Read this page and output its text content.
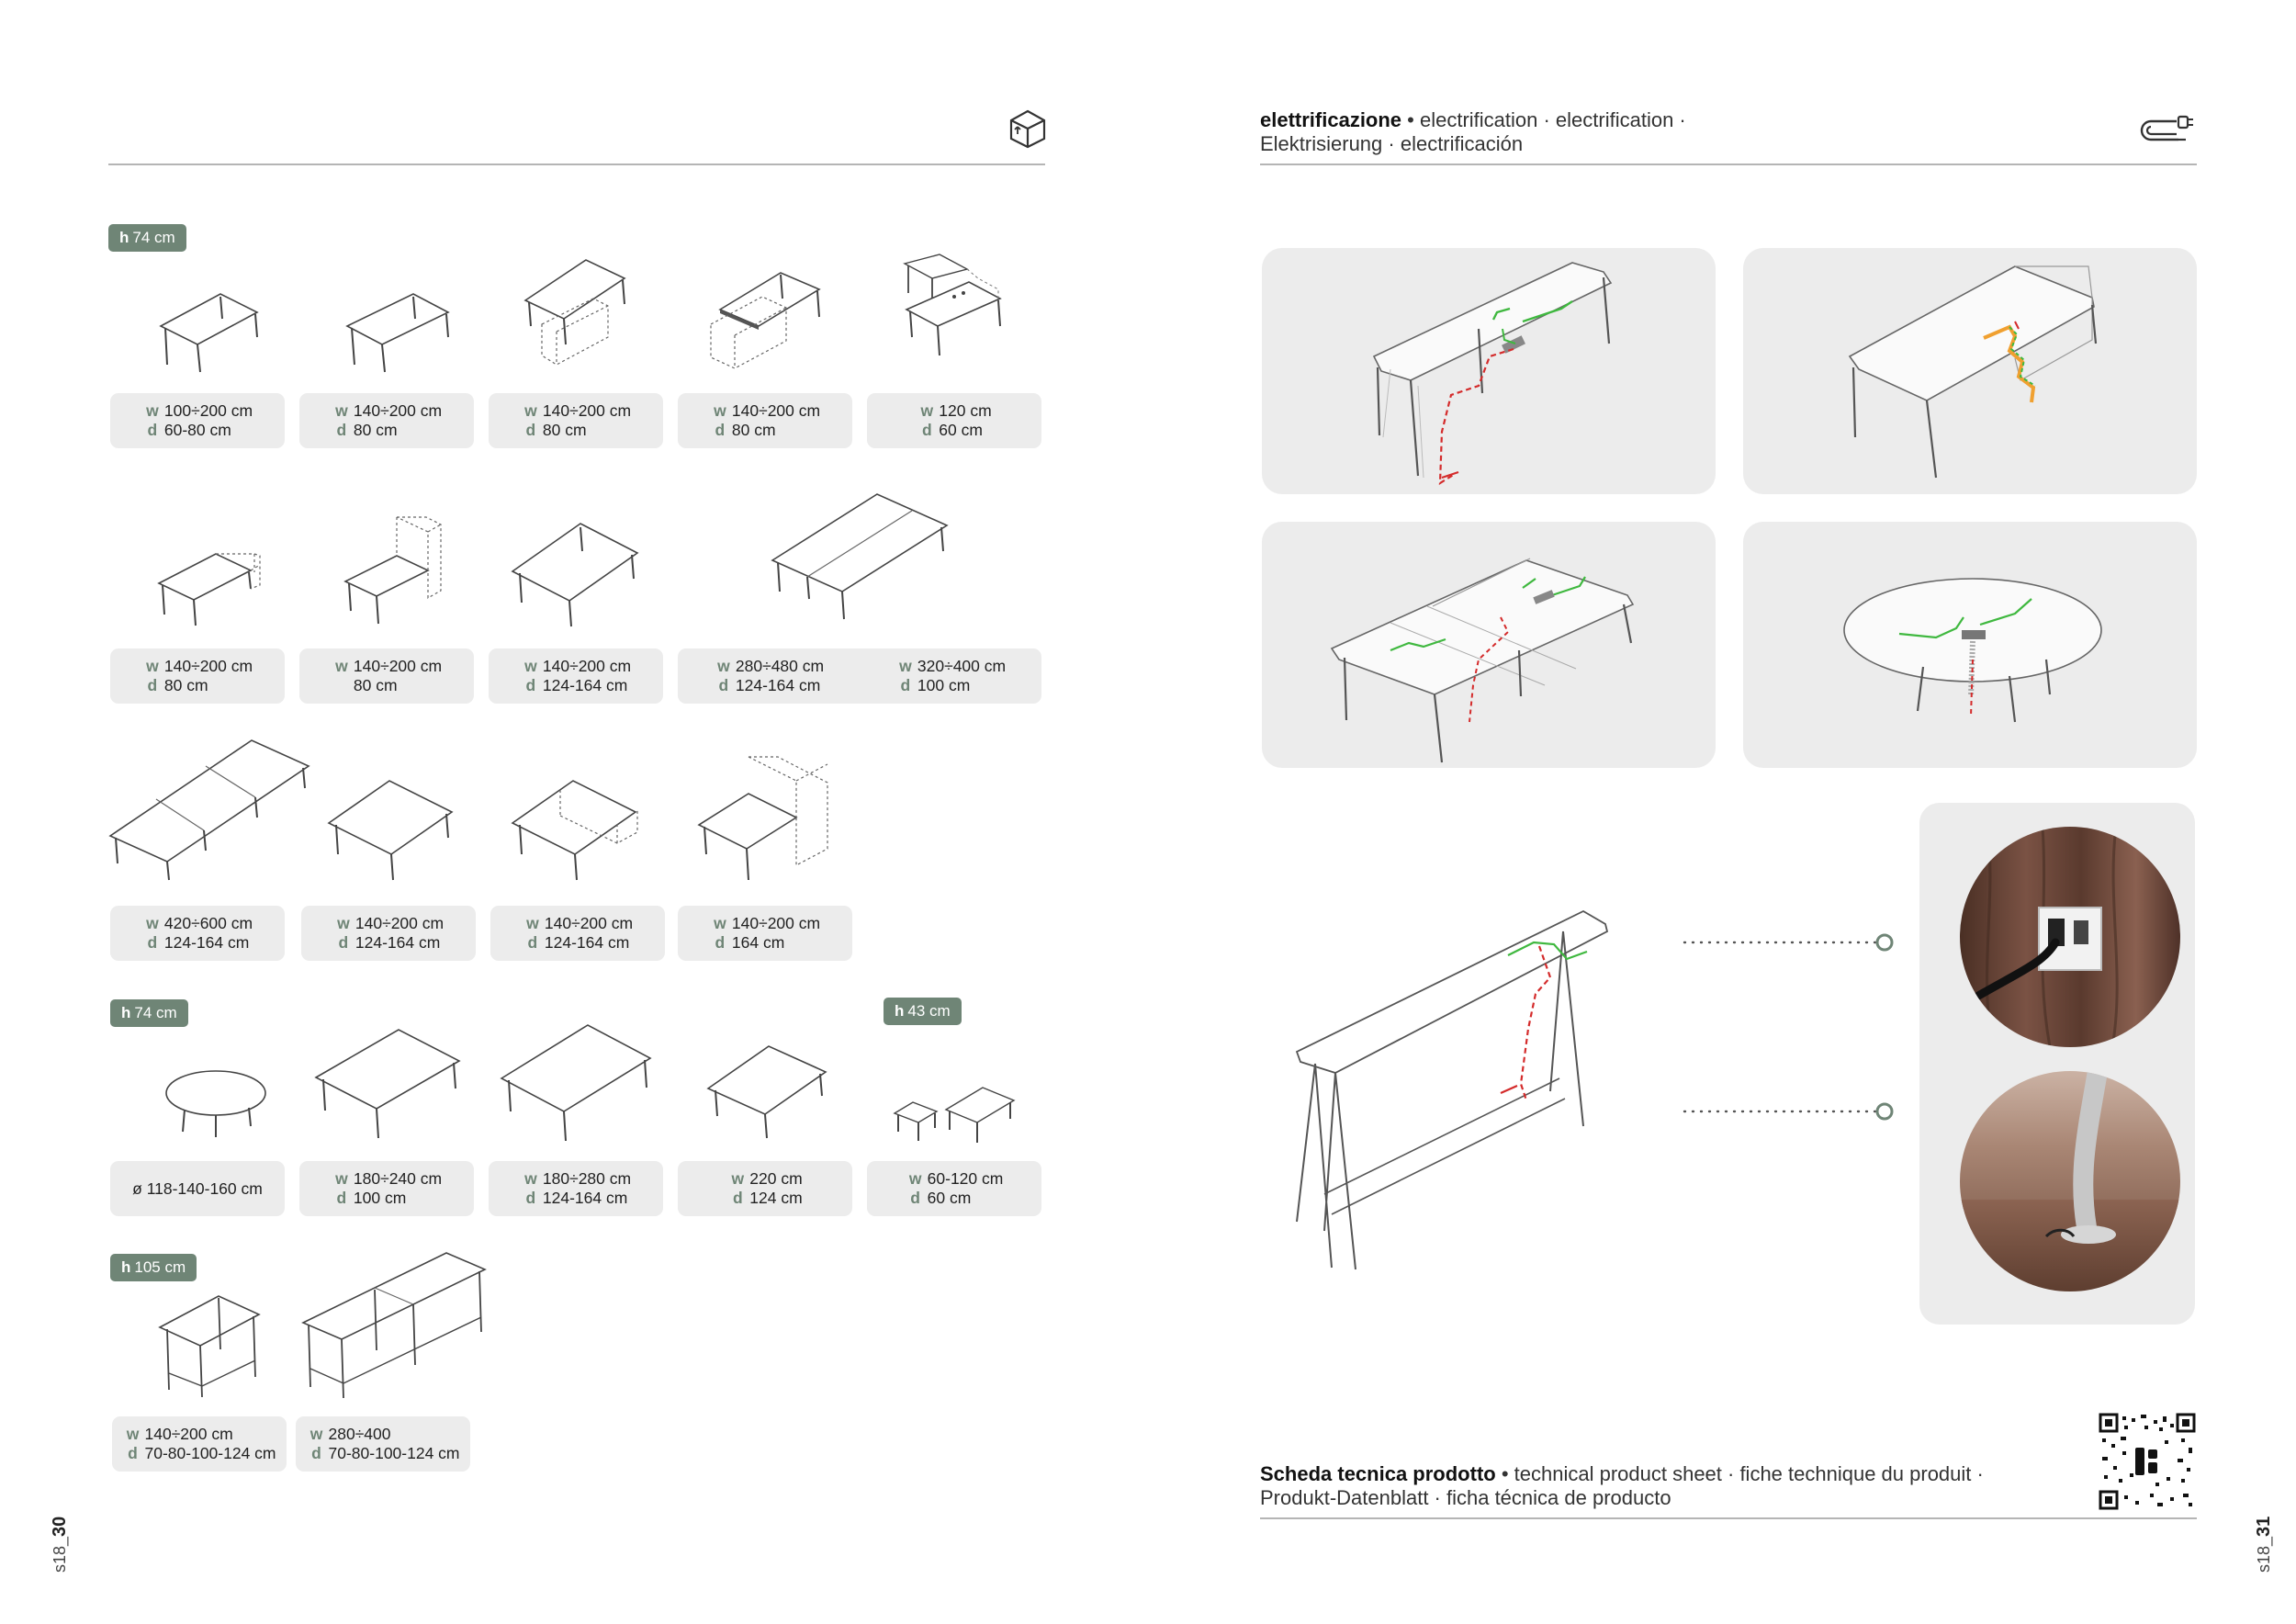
h 74 cm
w 100÷200 cm
d 60-80 cm
w 140÷200 cm
d 80 cm
w 140÷200 cm
d 80 cm
w 140÷200 cm
d 80 cm
w 120 cm
d 60 cm
w 140÷200 cm
d 80 cm
w 140÷200 cm
80 cm
w 140÷200 cm
d 124-164 cm
w 280÷480 cm
d 124-164 cm
w 320÷400 cm
d 100 cm
w 420÷600 cm
d 124-164 cm
w 140÷200 cm
d 124-164 cm
w 140÷200 cm
d 124-164 cm
w 140÷200 cm
d 164 cm
h 74 cm	h 43 cm
ø 118-140-160 cm
w 180÷240 cm
d 100 cm
w 180÷280 cm
d 124-164 cm
w 220 cm
d 124 cm
w 60-120 cm
d 60 cm
h 105 cm
w 140÷200 cm
d 70-80-100-124 cm
w 280÷400
d 70-80-100-124 cm
s18_30
elettrificazione • electrification · electrification ·
Elektrisierung · electrificación
Scheda tecnica prodotto • technical product sheet · fiche technique du produit ·
Produkt-Datenblatt · ficha técnica de producto
s18_31
